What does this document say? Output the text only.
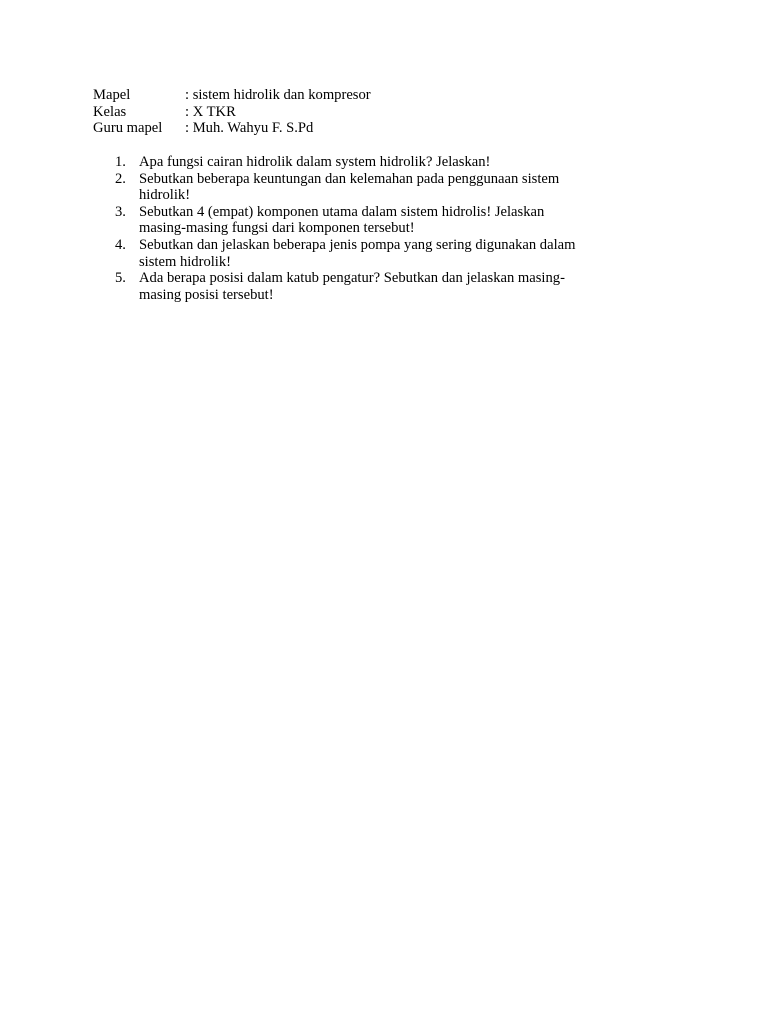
Mapel	: sistem hidrolik dan kompresor
Kelas	: X TKR
Guru mapel	: Muh. Wahyu F. S.Pd
1. Apa fungsi cairan hidrolik dalam system hidrolik? Jelaskan!
2. Sebutkan beberapa keuntungan dan kelemahan pada penggunaan sistem hidrolik!
3. Sebutkan 4 (empat) komponen utama dalam sistem hidrolis! Jelaskan masing-masing fungsi dari komponen tersebut!
4. Sebutkan dan jelaskan beberapa jenis pompa yang sering digunakan dalam sistem hidrolik!
5. Ada berapa posisi dalam katub pengatur? Sebutkan dan jelaskan masing-masing posisi tersebut!
